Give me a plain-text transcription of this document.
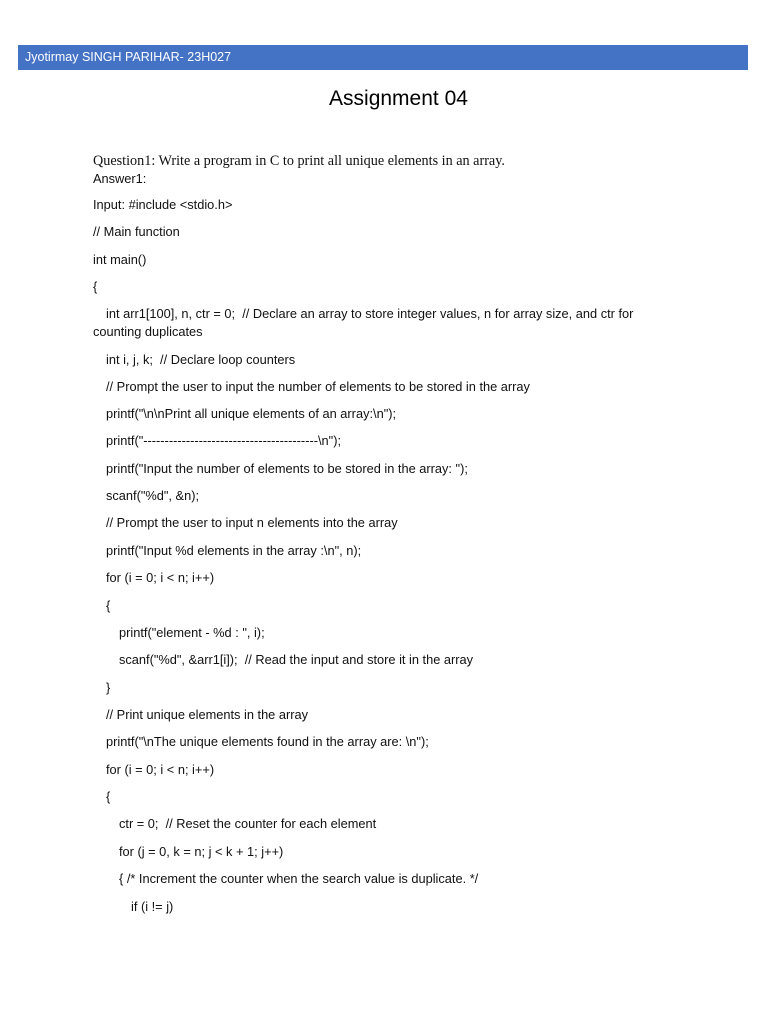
Jyotirmay SINGH PARIHAR- 23H027
Assignment 04
Question1: Write a program in C to print all unique elements in an array.
Answer1:
Input: #include <stdio.h>
// Main function
int main()
{
int arr1[100], n, ctr = 0;  // Declare an array to store integer values, n for array size, and ctr for
counting duplicates
int i, j, k;  // Declare loop counters
// Prompt the user to input the number of elements to be stored in the array
printf("\n\nPrint all unique elements of an array:\n");
printf("-----------------------------------------\n");
printf("Input the number of elements to be stored in the array: ");
scanf("%d", &n);
// Prompt the user to input n elements into the array
printf("Input %d elements in the array :\n", n);
for (i = 0; i < n; i++)
{
printf("element - %d : ", i);
scanf("%d", &arr1[i]);  // Read the input and store it in the array
}
// Print unique elements in the array
printf("\nThe unique elements found in the array are: \n");
for (i = 0; i < n; i++)
{
ctr = 0;  // Reset the counter for each element
for (j = 0, k = n; j < k + 1; j++)
{ /* Increment the counter when the search value is duplicate. */
if (i != j)
